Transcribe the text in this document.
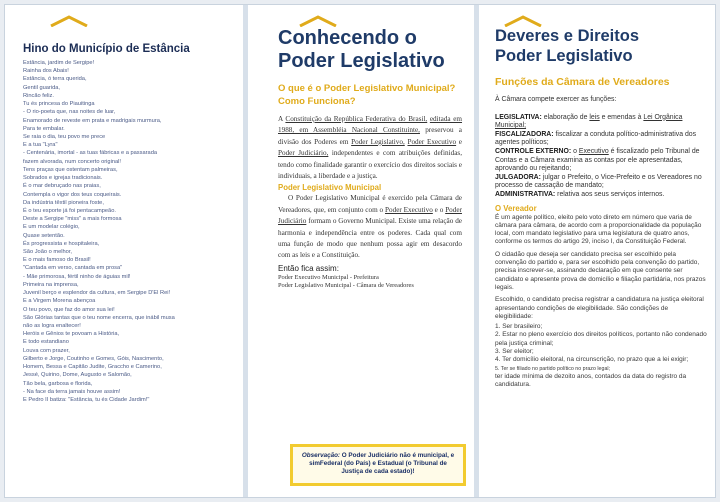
Hino do Município de Estância
Estância, jardim de Sergipe!
Rainha dos Abais!
Estância, ó terra querida,
Gentil guarida,
Rincão feliz.
Tu és princesa do Piauitinga
- O rio-poeta que, nas noites de luar,
Enamorado de reveste em prata e madrigais murmura,
Para te embalar.
Se raia o dia, teu povo me prece
E a tua "Lyra"
- Centenária, imortal - as tuas fábricas e a passarada
fazem alvorada, num concerto original!
Tens praças que ostentam palmeiras,
Sobrados e igrejas tradicionais.
É o mar debruçado nas praias,
Contempla o vigor dos teus coqueirais.
Da indústria têxtil pioneira foste,
É o teu esporte já foi pentacampeão.
Deste a Sergipe "miss" a mais formosa
E um modelar colégio,
Quase setentão.
És progressista e hospitaleira,
São João o melhor,
E o mais famoso do Brasil!
"Cantada em verso, cantada em prosa"
- Mãe primorosa, fértil ninho de águias mil!
Primeira na imprensa,
Juvenil berço e esplendor da cultura, em Sergipe D'El Rei!
E a Virgem Morena abençoa
O teu povo, que faz do amor sua lei!
São Glórias tantas que o teu nome encerra, que inábil musa
não as logra enaltecer!
Heróis e Gênios te povoam a História,
E todo estandiano
Louva com prazer,
Gilberto e Jorge, Coutinho e Gomes, Góis, Nascimento,
Homem, Bessa e Capitão Judite, Graccho e Camerino,
Jessé, Quirino, Dome, Augusto e Salomão,
Tão bela, garbosa e florida,
- Na face da terra jamais houve assim!
E Pedro II batiza: "Estância, tu és Cidade Jardim!"
Conhecendo o
Poder Legislativo
O que é o Poder Legislativo Municipal? Como Funciona?

A Constituição da República Federativa do Brasil, editada em 1988, em Assembléia Nacional Constituinte, preservou a divisão dos Poderes em Poder Legislativo, Poder Executivo e Poder Judiciário, independentes e com atribuições definidas, tendo como finalidade garantir o exercício dos direitos sociais e individuais, a liberdade e a justiça.

Poder Legislativo Municipal

O Poder Legislativo Municipal é exercido pela Câmara de Vereadores, que, em conjunto com o Poder Executivo e o Poder Judiciário formam o Governo Municipal. Existe uma relação de harmonia e independência entre os poderes. Cada qual com uma função de modo que nenhum possa agir em desacordo com as leis e a Constituição.

Então fica assim:
Poder Executivo Municipal - Prefeitura
Poder Legislativo Municipal - Câmara de Vereadores
Observação: O Poder Judiciário não é municipal, e simFederal (do País) e Estadual (o Tribunal de Justiça de cada estado)!
Deveres e Direitos
Poder Legislativo
Funções da Câmara de Vereadores

À Câmara compete exercer as funções:

LEGISLATIVA: elaboração de leis e emendas à Lei Orgânica Municipal;

FISCALIZADORA: fiscalizar a conduta político-administrativa dos agentes políticos;

CONTROLE EXTERNO: o Executivo é fiscalizado pelo Tribunal de Contas e a Câmara examina as contas por ele apresentadas, aprovando ou rejeitando;

JULGADORA: julgar o Prefeito, o Vice-Prefeito e os Vereadores no processo de cassação de mandato;

ADMINISTRATIVA: relativa aos seus serviços internos.

O Vereador

É um agente político, eleito pelo voto direto em número que varia de câmara para câmara, de acordo com a proporcionalidade da população local, com mandato legislativo para uma legislatura de quatro anos, conforme os termos do artigo 29, inciso I, da Constituição Federal.

O cidadão que deseja ser candidato precisa ser escolhido pela convenção do partido e, para ser escolhido pela convenção do partido, precisa inscrever-se, assinando declaração em que consente ser candidato e apresente prova de domicílio e filiação partidária, nos prazos legais.

Escolhido, o candidato precisa registrar a candidatura na justiça eleitoral apresentando condições de elegibilidade. São condições de elegibilidade:

1. Ser brasileiro;
2. Estar no pleno exercício dos direitos políticos, portanto não condenado pela justiça criminal;
3. Ser eleitor;
4. Ter domicílio eleitoral, na circunscrição, no prazo que a lei exigir;
5. Ter se filiado no partido político no prazo legal;
ter idade mínima de dezoito anos, contados da data do registro da candidatura.
